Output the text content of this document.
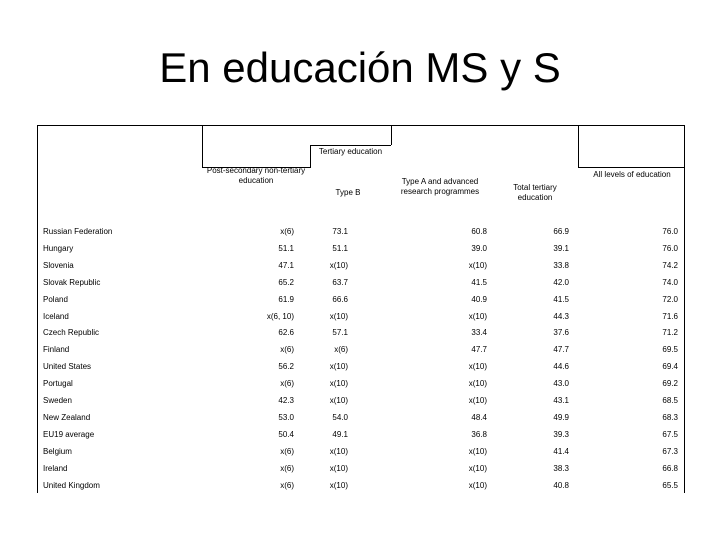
En educación MS y S
Tertiary education
Post-secondary non-tertiary education
Type B
Type A and advanced research programmes	Total tertiary education
All levels of education
Russian Federation	x(6)	73.1	60.8	66.9	76.0
Hungary	51.1	51.1	39.0	39.1	76.0
Slovenia	47.1	x(10)	x(10)	33.8	74.2
Slovak Republic	65.2	63.7	41.5	42.0	74.0
Poland	61.9	66.6	40.9	41.5	72.0
Iceland	x(6, 10)	x(10)	x(10)	44.3	71.6
Czech Republic	62.6	57.1	33.4	37.6	71.2
Finland	x(6)	x(6)	47.7	47.7	69.5
United States	56.2	x(10)	x(10)	44.6	69.4
Portugal	x(6)	x(10)	x(10)	43.0	69.2
Sweden	42.3	x(10)	x(10)	43.1	68.5
New Zealand	53.0	54.0	48.4	49.9	68.3
EU19 average	50.4	49.1	36.8	39.3	67.5
Belgium	x(6)	x(10)	x(10)	41.4	67.3
Ireland	x(6)	x(10)	x(10)	38.3	66.8
United Kingdom	x(6)	x(10)	x(10)	40.8	65.5
